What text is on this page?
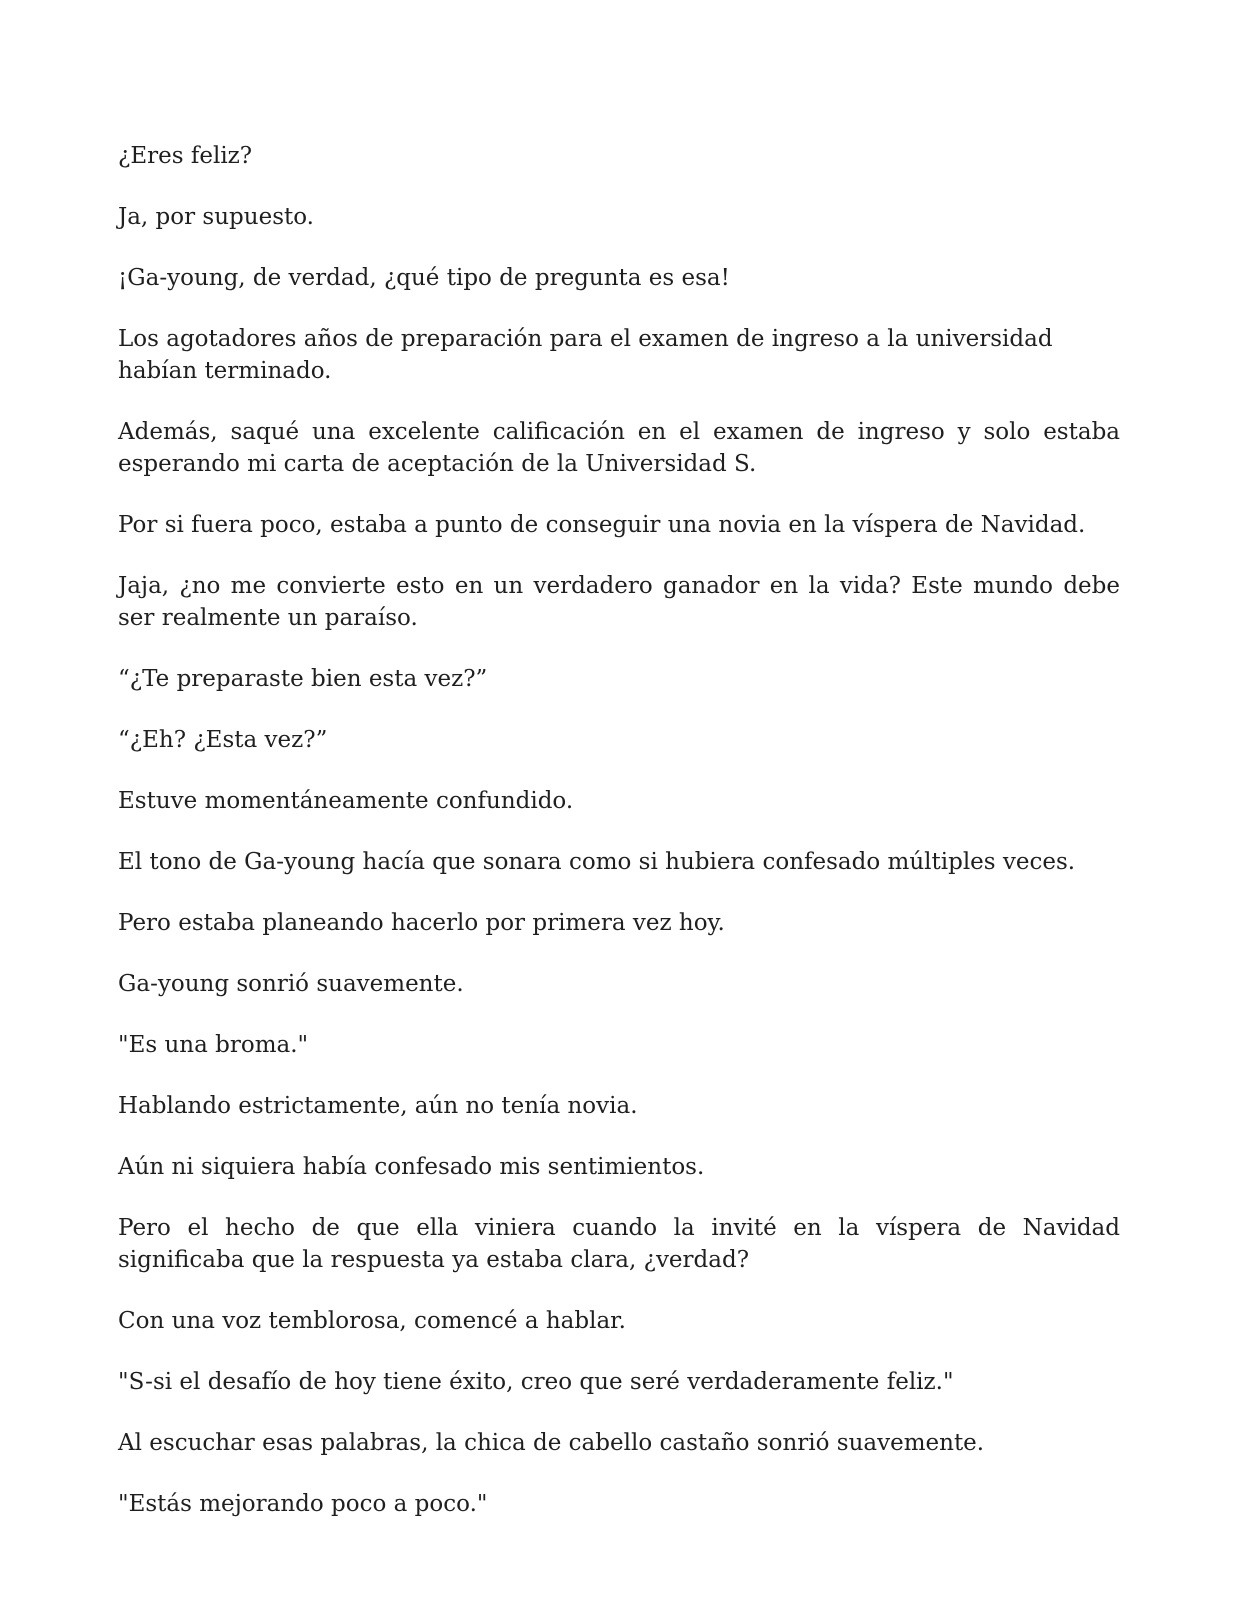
¿Eres feliz?

Ja, por supuesto.

¡Ga-young, de verdad, ¿qué tipo de pregunta es esa!

Los agotadores años de preparación para el examen de ingreso a la universidad habían terminado.

Además, saqué una excelente calificación en el examen de ingreso y solo estaba esperando mi carta de aceptación de la Universidad S.

Por si fuera poco, estaba a punto de conseguir una novia en la víspera de Navidad.

Jaja, ¿no me convierte esto en un verdadero ganador en la vida? Este mundo debe ser realmente un paraíso.

“¿Te preparaste bien esta vez?”

“¿Eh? ¿Esta vez?”

Estuve momentáneamente confundido.

El tono de Ga-young hacía que sonara como si hubiera confesado múltiples veces.

Pero estaba planeando hacerlo por primera vez hoy.

Ga-young sonrió suavemente.

"Es una broma."

Hablando estrictamente, aún no tenía novia.

Aún ni siquiera había confesado mis sentimientos.

Pero el hecho de que ella viniera cuando la invité en la víspera de Navidad significaba que la respuesta ya estaba clara, ¿verdad?

Con una voz temblorosa, comencé a hablar.

"S-si el desafío de hoy tiene éxito, creo que seré verdaderamente feliz."

Al escuchar esas palabras, la chica de cabello castaño sonrió suavemente.

"Estás mejorando poco a poco."
